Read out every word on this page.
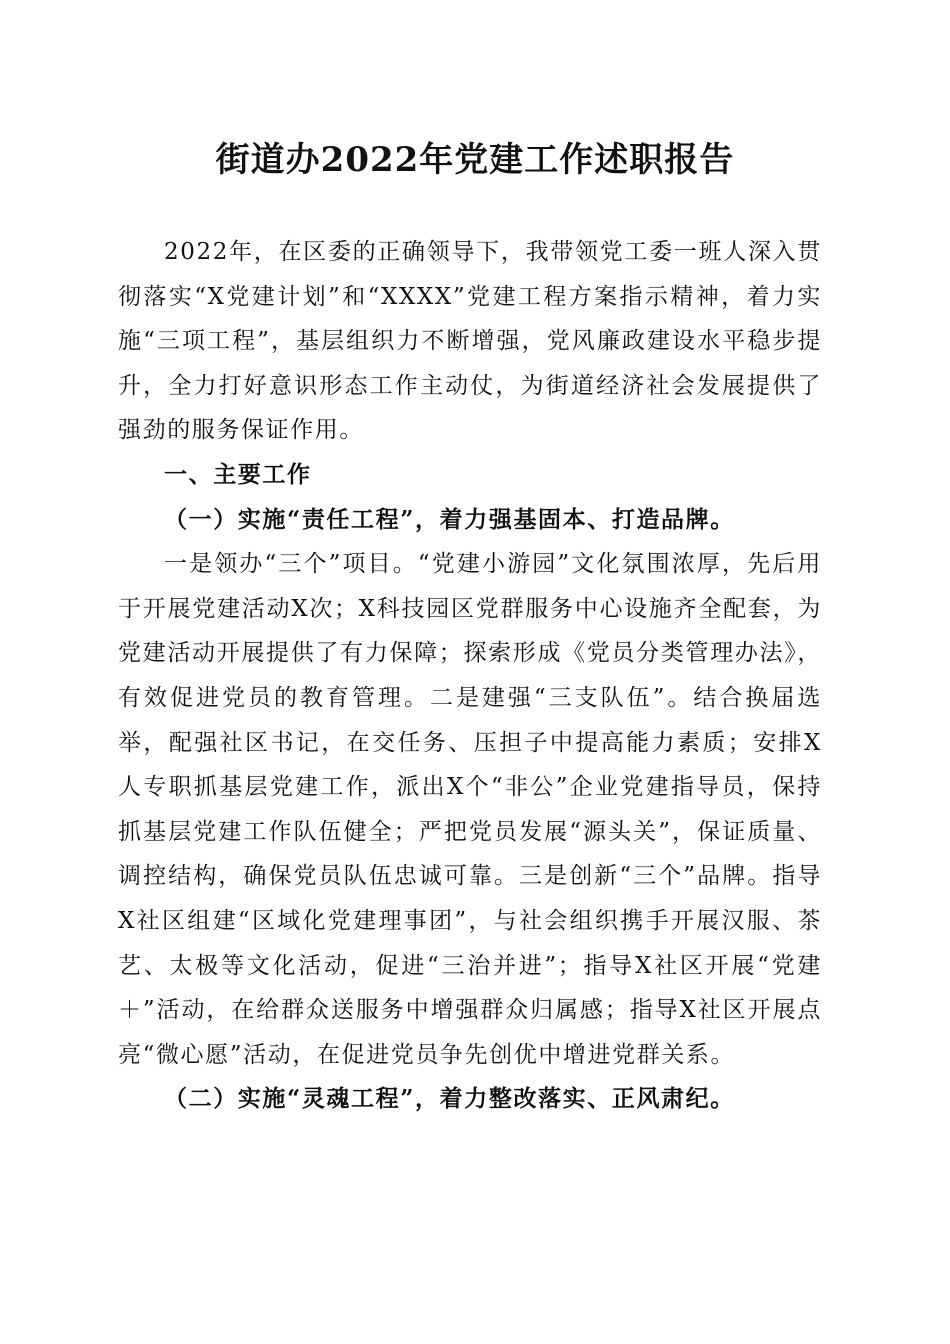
街道办2022年党建工作述职报告

2022年，在区委的正确领导下，我带领党工委一班人深入贯彻落实“X党建计划”和“XXXX”党建工程方案指示精神，着力实施“三项工程”，基层组织力不断增强，党风廉政建设水平稳步提升，全力打好意识形态工作主动仗，为街道经济社会发展提供了强劲的服务保证作用。

一、主要工作

（一）实施“责任工程”，着力强基固本、打造品牌。

一是领办“三个”项目。“党建小游园”文化氛围浓厚，先后用于开展党建活动X次；X科技园区党群服务中心设施齐全配套，为党建活动开展提供了有力保障；探索形成《党员分类管理办法》，有效促进党员的教育管理。二是建强“三支队伍”。结合换届选举，配强社区书记，在交任务、压担子中提高能力素质；安排X人专职抓基层党建工作，派出X个“非公”企业党建指导员，保持抓基层党建工作队伍健全；严把党员发展“源头关”，保证质量、调控结构，确保党员队伍忠诚可靠。三是创新“三个”品牌。指导X社区组建“区域化党建理事团”，与社会组织携手开展汉服、茶艺、太极等文化活动，促进“三治并进”；指导X社区开展“党建＋”活动，在给群众送服务中增强群众归属感；指导X社区开展点亮“微心愿”活动，在促进党员争先创优中增进党群关系。

（二）实施“灵魂工程”，着力整改落实、正风肃纪。
